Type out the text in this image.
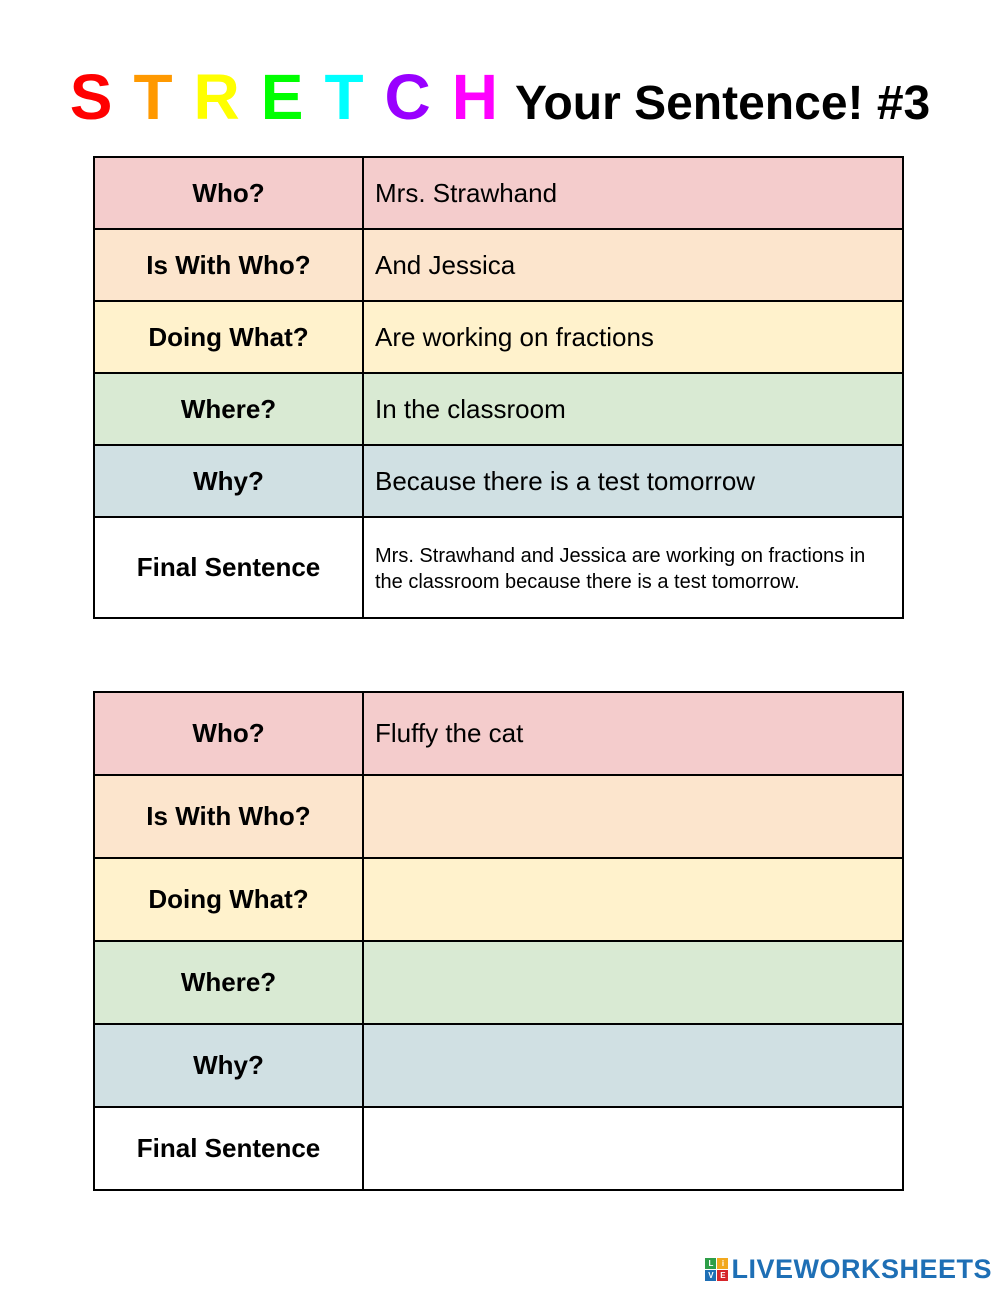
S T R E T C H Your Sentence! #3
Who?	Mrs. Strawhand
Is With Who?	And Jessica
Doing What?	Are working on fractions
Where?	In the classroom
Why?	Because there is a test tomorrow
Final Sentence	Mrs. Strawhand and Jessica are working on fractions in the classroom because there is a test tomorrow.
Who?	Fluffy the cat
Is With Who?	
Doing What?	
Where?	
Why?	
Final Sentence	
L	i
V E LIVEWORKSHEETS
